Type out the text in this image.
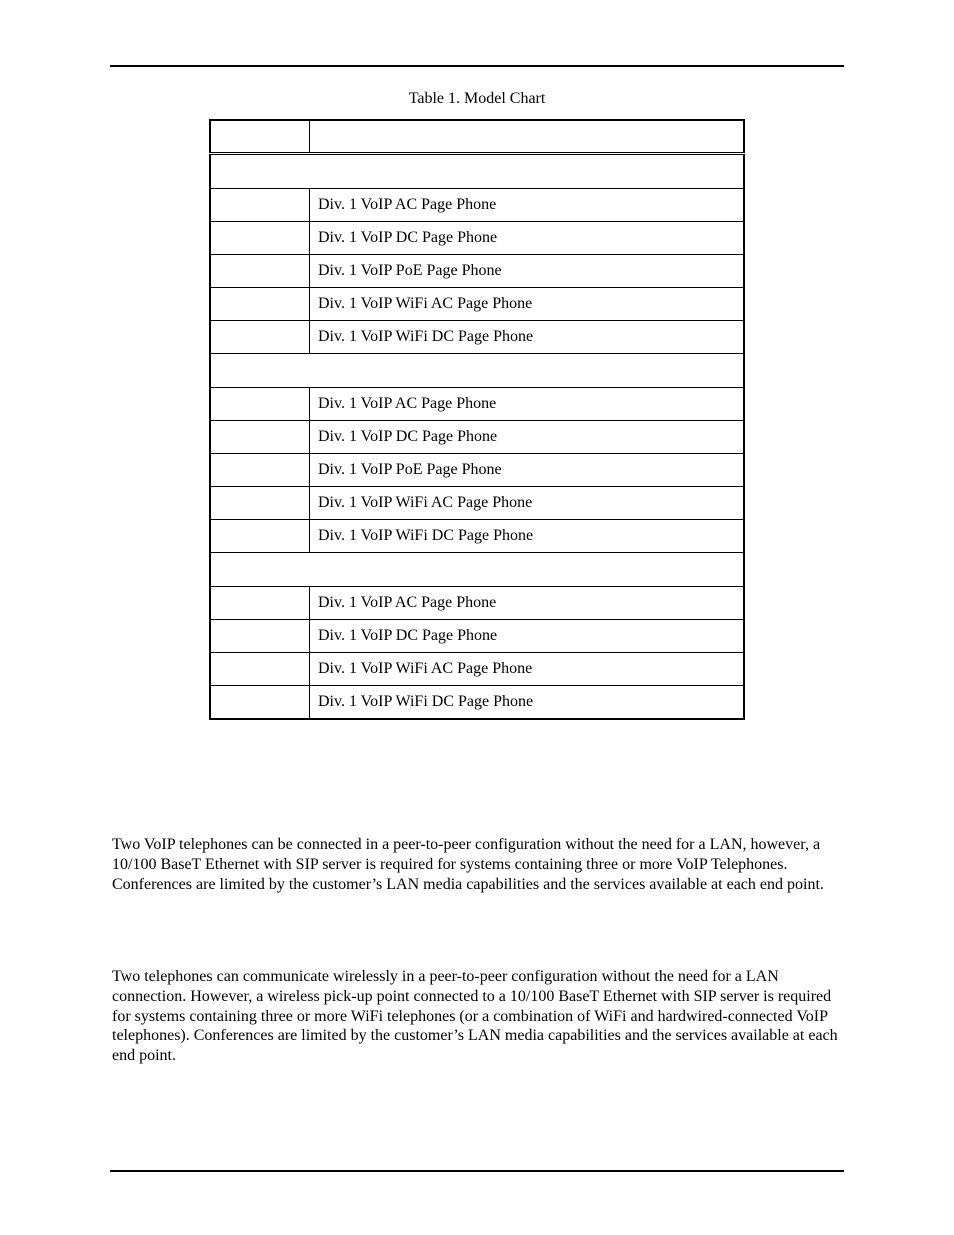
Table 1. Model Chart

	Div. 1 VoIP AC Page Phone
	Div. 1 VoIP DC Page Phone
	Div. 1 VoIP PoE Page Phone
	Div. 1 VoIP WiFi AC Page Phone
	Div. 1 VoIP WiFi DC Page Phone

	Div. 1 VoIP AC Page Phone
	Div. 1 VoIP DC Page Phone
	Div. 1 VoIP PoE Page Phone
	Div. 1 VoIP WiFi AC Page Phone
	Div. 1 VoIP WiFi DC Page Phone

	Div. 1 VoIP AC Page Phone
	Div. 1 VoIP DC Page Phone
	Div. 1 VoIP WiFi AC Page Phone
	Div. 1 VoIP WiFi DC Page Phone

Two VoIP telephones can be connected in a peer-to-peer configuration without the need for a LAN, however, a 10/100 BaseT Ethernet with SIP server is required for systems containing three or more VoIP Telephones. Conferences are limited by the customer’s LAN media capabilities and the services available at each end point.

Two telephones can communicate wirelessly in a peer-to-peer configuration without the need for a LAN connection. However, a wireless pick-up point connected to a 10/100 BaseT Ethernet with SIP server is required for systems containing three or more WiFi telephones (or a combination of WiFi and hardwired-connected VoIP telephones). Conferences are limited by the customer’s LAN media capabilities and the services available at each end point.
